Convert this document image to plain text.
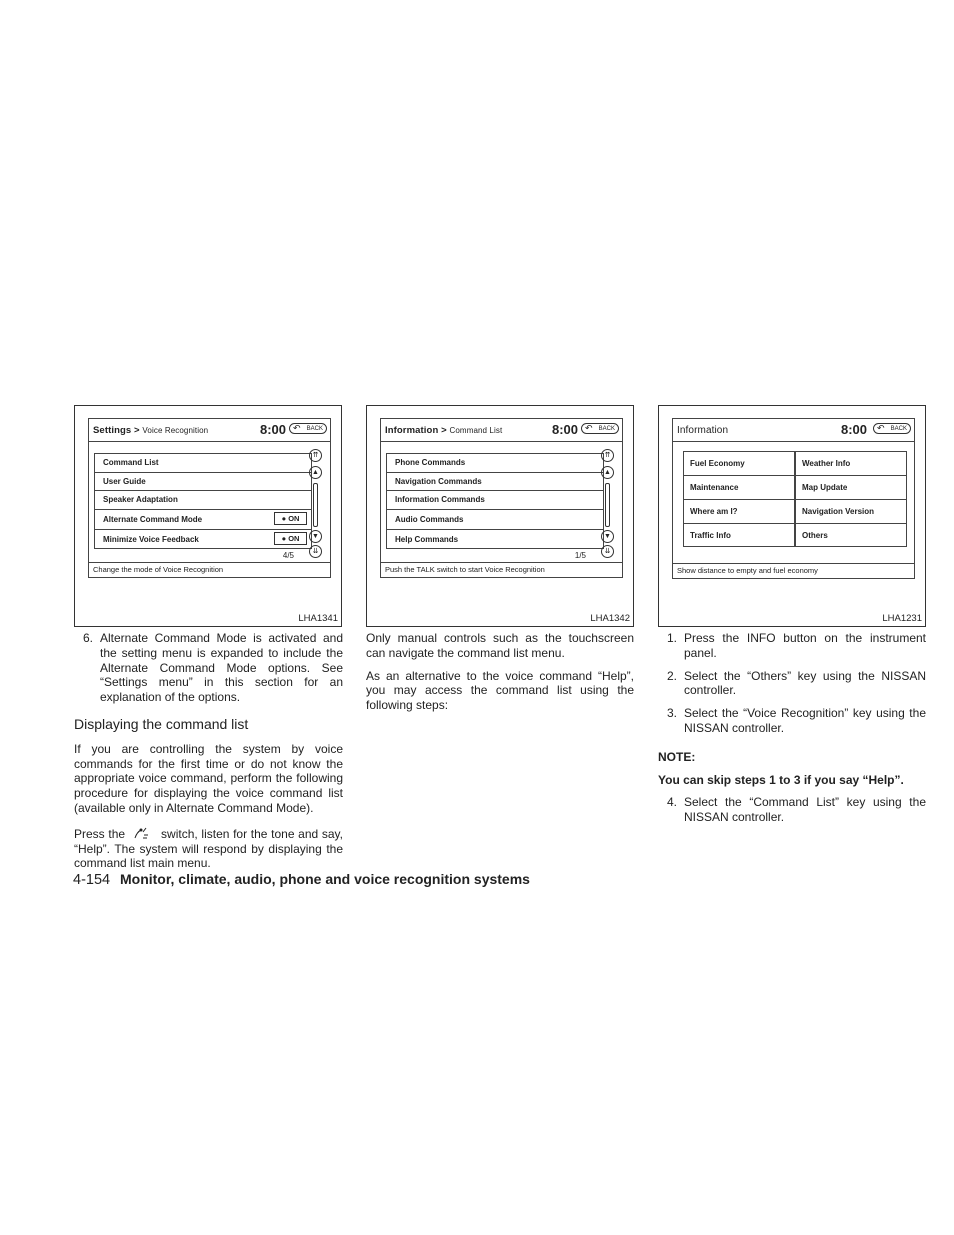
Settings > Voice Recognition	8:00	↶ BACK
Command List
User Guide
Speaker Adaptation
Alternate Command Mode	● ON
Minimize Voice Feedback	● ON
⇈
▲
▼
⇊
4/5
Change the mode of Voice Recognition
LHA1341
Information > Command List	8:00	↶ BACK
Phone Commands
Navigation Commands
Information Commands
Audio Commands
Help Commands
⇈
▲
▼
⇊
1/5
Push the TALK switch to start Voice Recognition
LHA1342
Information	8:00	↶ BACK
Fuel Economy	Weather Info
Maintenance	Map Update
Where am I?	Navigation Version
Traffic Info	Others
Show distance to empty and fuel economy
LHA1231
6. Alternate Command Mode is activated and the setting menu is expanded to include the Alternate Command Mode options. See “Settings menu” in this section for an explanation of the options.
Displaying the command list

If you are controlling the system by voice commands for the first time or do not know the appropriate voice command, perform the following procedure for displaying the voice command list (available only in Alternate Command Mode).

Press the	switch, listen for the tone and say, “Help”. The system will respond by displaying the command list main menu.

Only manual controls such as the touchscreen can navigate the command list menu.

As an alternative to the voice command “Help”, you may access the command list using the following steps:

1. Press the INFO button on the instrument panel.
2. Select the “Others” key using the NISSAN controller.
3. Select the “Voice Recognition” key using the NISSAN controller.
NOTE:
You can skip steps 1 to 3 if you say “Help”.
4. Select the “Command List” key using the NISSAN controller.
4-154 Monitor, climate, audio, phone and voice recognition systems
